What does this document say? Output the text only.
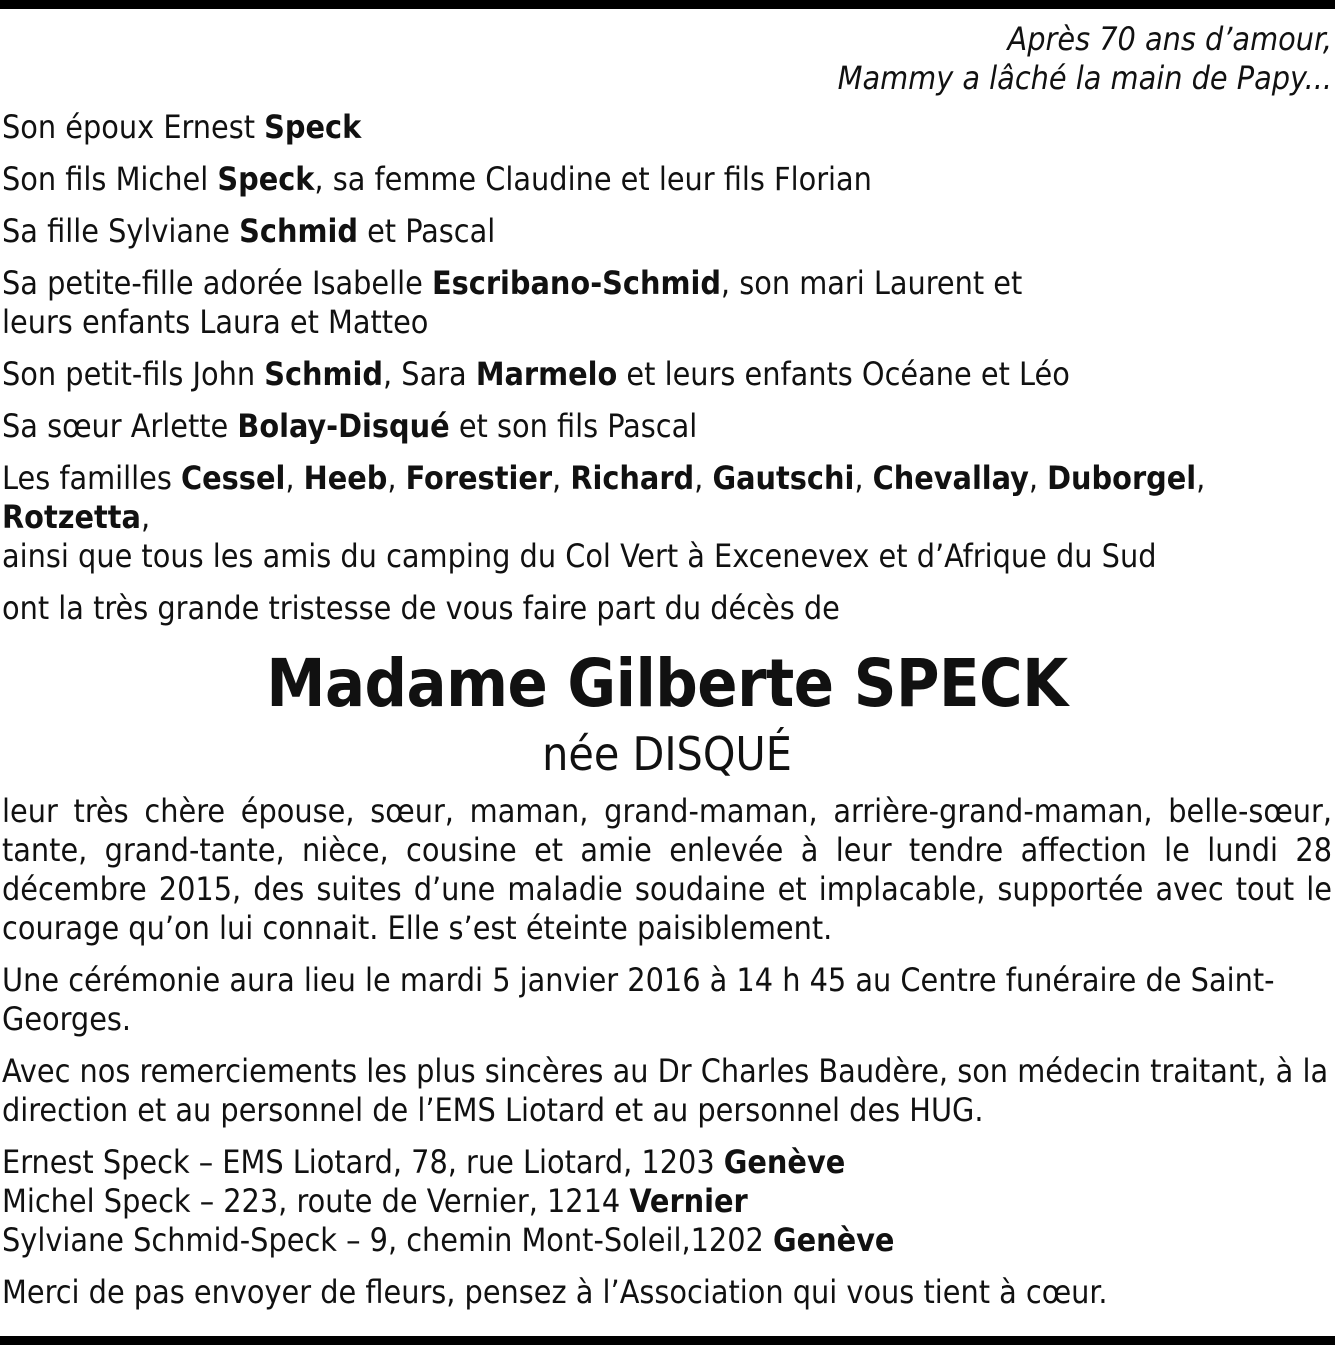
Après 70 ans d’amour,
Mammy a lâché la main de Papy...
Son époux Ernest Speck
Son fils Michel Speck, sa femme Claudine et leur fils Florian
Sa fille Sylviane Schmid et Pascal
Sa petite-fille adorée Isabelle Escribano-Schmid, son mari Laurent et
leurs enfants Laura et Matteo
Son petit-fils John Schmid, Sara Marmelo et leurs enfants Océane et Léo
Sa sœur Arlette Bolay-Disqué et son fils Pascal
Les familles Cessel, Heeb, Forestier, Richard, Gautschi, Chevallay, Duborgel, Rotzetta,
ainsi que tous les amis du camping du Col Vert à Excenevex et d’Afrique du Sud
ont la très grande tristesse de vous faire part du décès de
Madame Gilberte SPECK
née DISQUÉ
leur très chère épouse, sœur, maman, grand-maman, arrière-grand-maman, belle-sœur, tante, grand-tante, nièce, cousine et amie enlevée à leur tendre affection le lundi 28 décembre 2015, des suites d’une maladie soudaine et implacable, supportée avec tout le courage qu’on lui connait. Elle s’est éteinte paisiblement.
Une cérémonie aura lieu le mardi 5 janvier 2016 à 14 h 45 au Centre funéraire de Saint-Georges.
Avec nos remerciements les plus sincères au Dr Charles Baudère, son médecin traitant, à la direction et au personnel de l’EMS Liotard et au personnel des HUG.
Ernest Speck – EMS Liotard, 78, rue Liotard, 1203 Genève
Michel Speck – 223, route de Vernier, 1214 Vernier
Sylviane Schmid-Speck – 9, chemin Mont-Soleil,1202 Genève
Merci de pas envoyer de fleurs, pensez à l’Association qui vous tient à cœur.
